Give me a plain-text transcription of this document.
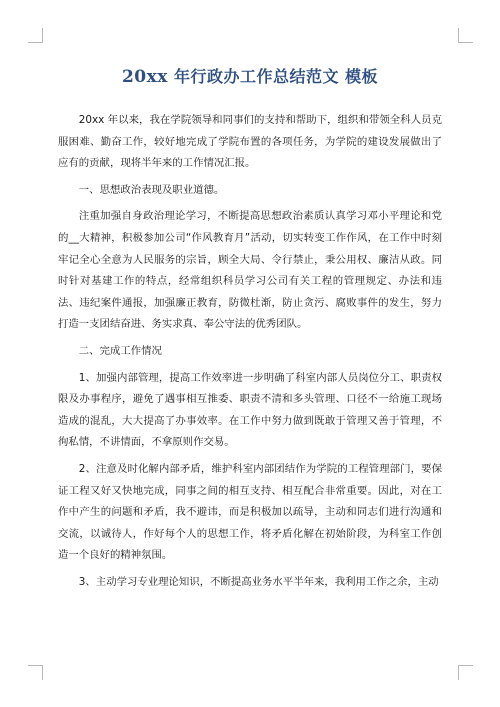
20xx 年行政办工作总结范文 模板

20xx 年以来，我在学院领导和同事们的支持和帮助下，组织和带领全科人员克服困难、勤奋工作，较好地完成了学院布置的各项任务，为学院的建设发展做出了应有的贡献，现将半年来的工作情况汇报。

一、思想政治表现及职业道德。

注重加强自身政治理论学习，不断提高思想政治素质认真学习邓小平理论和党的__大精神，积极参加公司“作风教育月”活动，切实转变工作作风，在工作中时刻牢记全心全意为人民服务的宗旨，顾全大局、令行禁止，秉公用权、廉洁从政。同时针对基建工作的特点，经常组织科员学习公司有关工程的管理规定、办法和违法、违纪案件通报，加强廉正教育，防微杜渐，防止贪污、腐败事件的发生，努力打造一支团结奋进、务实求真、奉公守法的优秀团队。

二、完成工作情况

1、加强内部管理，提高工作效率进一步明确了科室内部人员岗位分工、职责权限及办事程序，避免了遇事相互推委、职责不清和多头管理、口径不一给施工现场造成的混乱，大大提高了办事效率。在工作中努力做到既敢于管理又善于管理，不徇私情，不讲情面，不拿原则作交易。

2、注意及时化解内部矛盾，维护科室内部团结作为学院的工程管理部门，要保证工程又好又快地完成，同事之间的相互支持、相互配合非常重要。因此，对在工作中产生的问题和矛盾，我不避讳，而是积极加以疏导，主动和同志们进行沟通和交流，以诚待人，作好每个人的思想工作，将矛盾化解在初始阶段，为科室工作创造一个良好的精神氛围。

3、主动学习专业理论知识，不断提高业务水平半年来，我利用工作之余，主动
